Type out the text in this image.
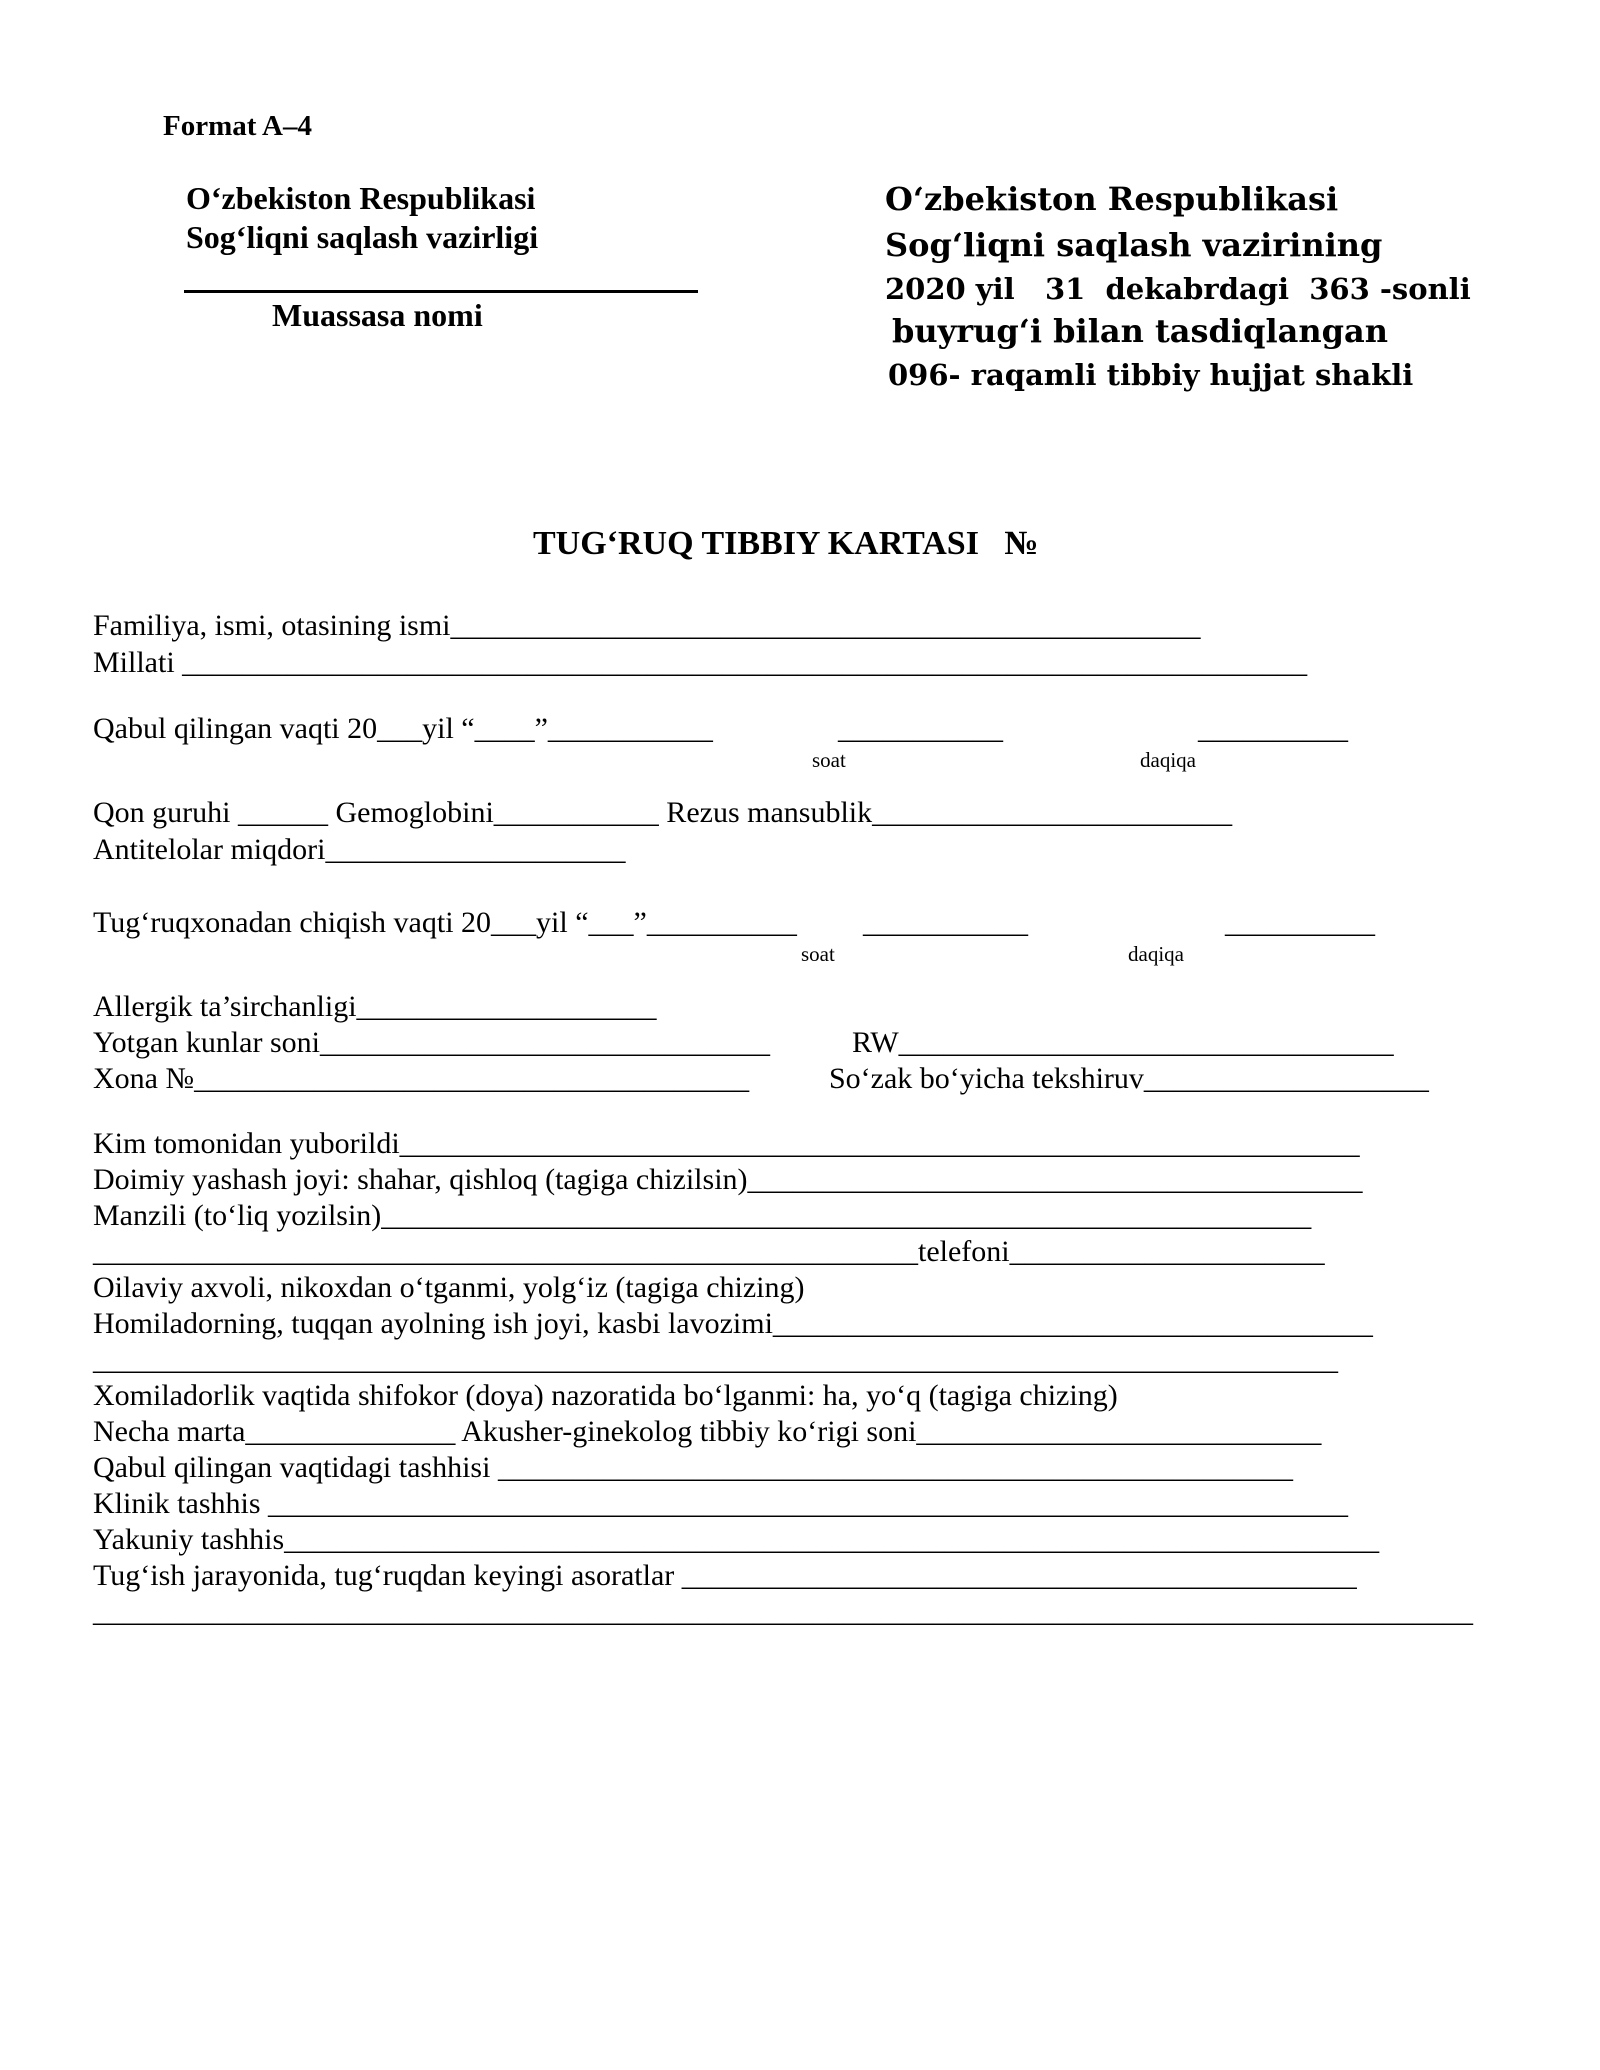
Format A–4
O‘zbekiston Respublikasi
Sog‘liqni saqlash vazirligi
Muassasa nomi
O‘zbekiston Respublikasi
Sog‘liqni saqlash vazirining
2020 yil   31  dekabrdagi  363 -sonli
buyrug‘i bilan tasdiqlangan
096- raqamli tibbiy hujjat shakli
TUG‘RUQ TIBBIY KARTASI   №
Familiya, ismi, otasining ismi__________________________________________________
Millati ___________________________________________________________________________
Qabul qilingan vaqti 20___yil “____”___________	___________	__________
soat	daqiqa
Qon guruhi ______ Gemoglobini___________ Rezus mansublik________________________
Antitelolar miqdori____________________
Tug‘ruqxonadan chiqish vaqti 20___yil “___”__________ ___________	__________
soat	daqiqa
Allergik ta’sirchanligi____________________
Yotgan kunlar soni______________________________	RW_________________________________
Xona №_____________________________________	So‘zak bo‘yicha tekshiruv___________________
Kim tomonidan yuborildi________________________________________________________________
Doimiy yashash joyi: shahar, qishloq (tagiga chizilsin)_________________________________________
Manzili (to‘liq yozilsin)______________________________________________________________
_______________________________________________________telefoni_____________________
Oilaviy axvoli, nikoxdan o‘tganmi, yolg‘iz (tagiga chizing)
Homiladorning, tuqqan ayolning ish joyi, kasbi lavozimi________________________________________
___________________________________________________________________________________
Xomiladorlik vaqtida shifokor (doya) nazoratida bo‘lganmi: ha, yo‘q (tagiga chizing)
Necha marta______________ Akusher-ginekolog tibbiy ko‘rigi soni___________________________
Qabul qilingan vaqtidagi tashhisi _____________________________________________________
Klinik tashhis ________________________________________________________________________
Yakuniy tashhis_________________________________________________________________________
Tug‘ish jarayonida, tug‘ruqdan keyingi asoratlar _____________________________________________
____________________________________________________________________________________________
